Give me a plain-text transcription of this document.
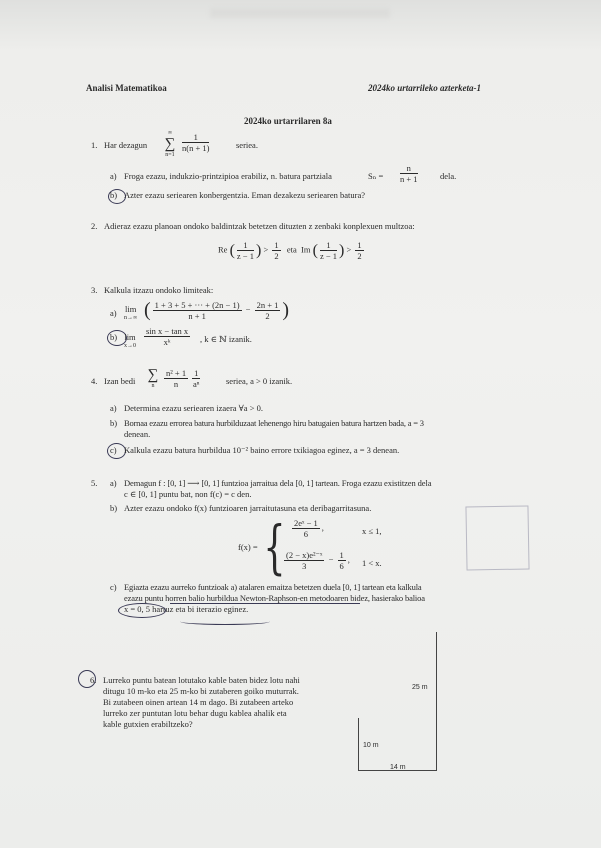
Analisi Matematikoa	2024ko urtarrileko azterketa-1
2024ko urtarrilaren 8a
1. Har dezagun
∞
∑
n=1
$\frac{1}{n(n + 1)}$	seriea.
a) Froga ezazu, indukzio-printzipioa erabiliz, n. batura partziala	$S_n = \frac{n}{n + 1}$	dela.
b) Azter ezazu seriearen konbergentzia. Eman dezakezu seriearen batura?
2. Adieraz ezazu planoan ondoko baldintzak betetzen dituzten z zenbaki konplexuen multzoa:
Re ( $\frac{1}{z - 1}$ ) > $\frac{1}{2}$ eta Im ( $\frac{1}{z - 1}$ ) > $\frac{1}{2}$
3. Kalkula itzazu ondoko limiteak:
a) lim
n→∞ ( $\frac{1 + 3 + 5 + \cdot\cdot\cdot + (2n - 1)}{n + 1} - \frac{2n + 1}{2}$ )
b) lim
$x\to 0 \frac{\text{sin x − tan x}}{\text{xᵏ}}$ , k ∈ ℕ izanik.
4. Izan bedi ∑
n	$\frac{\text{n² + 1}}{n} \frac{1}{\text{aⁿ}}$	seriea, a > 0 izanik.
a) Determina ezazu seriearen izaera ∀a > 0.
b) Bornaa ezazu errorea batura hurbilduzaat lehenengo hiru batugaien batura hartzen bada, a = 3
denean.
c) Kalkula ezazu batura hurbildua 10⁻² baino errore txikiagoa eginez, a = 3 denean.
5. a) Demagun f : [0, 1] ⟶ [0, 1] funtzioa jarraitua dela [0, 1] tartean. Froga ezazu existitzen dela
c ∈ [0, 1] puntu bat, non f(c) = c den.
b) Azter ezazu ondoko f(x) funtzioaren jarraitutasuna eta deribagarritasuna.
f(x) = { $\frac{\text{2eˣ − 1}}{6}$ ,	x ≤ 1,
$\frac{\text{(2 − x)e²⁻ˣ}}{3} - \frac{1}{6}$ , 1 < x.
c) Egiazta ezazu aurreko funtzioak a) atalaren emaitza betetzen duela [0, 1] tartean eta kalkula
ezazu puntu horren balio hurbildua Newton-Raphson-en metodoaren bidez, hasierako balioa
x = 0, 5 hartuz eta bi iterazio eginez.
6. Lurreko puntu batean lotutako kable baten bidez lotu nahi
ditugu 10 m-ko eta 25 m-ko bi zutaberen goiko muturrak.
Bi zutabeen oinen artean 14 m dago. Bi zutabeen arteko
lurreko zer puntutan lotu behar dugu kablea ahalik eta
kable gutxien erabiltzeko?
25 m
10 m
14 m
